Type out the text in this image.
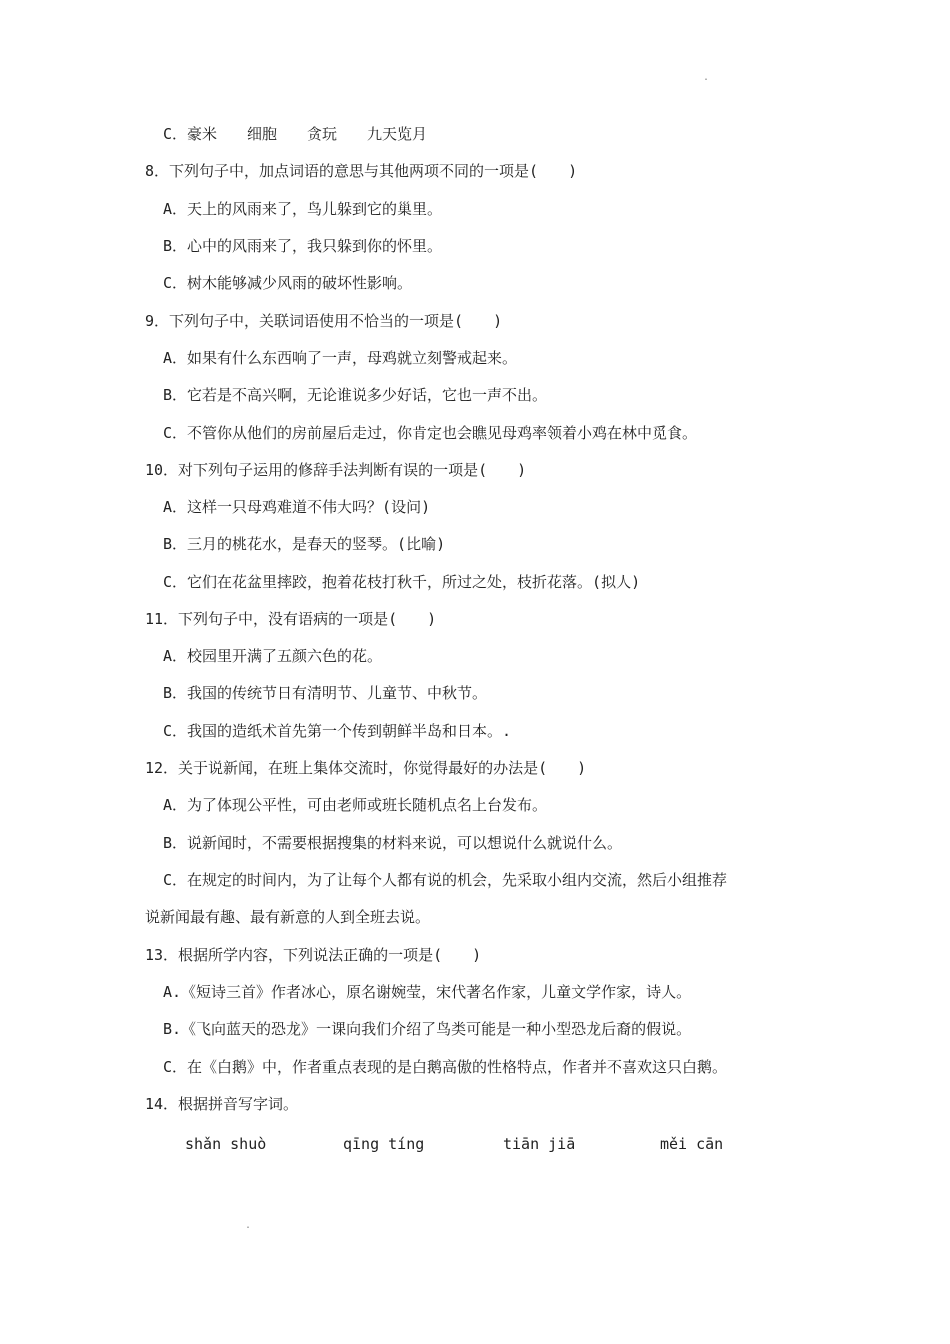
.
C．豪米　　细胞　　贪玩　　九天览月
8．下列句子中，加点词语的意思与其他两项不同的一项是(　　)
A．天上的风雨来了，鸟儿躲到它的巢里。
B．心中的风雨来了，我只躲到你的怀里。
C．树木能够减少风雨的破坏性影响。
9．下列句子中，关联词语使用不恰当的一项是(　　)
A．如果有什么东西响了一声，母鸡就立刻警戒起来。
B．它若是不高兴啊，无论谁说多少好话，它也一声不出。
C．不管你从他们的房前屋后走过，你肯定也会瞧见母鸡率领着小鸡在林中觅食。
10．对下列句子运用的修辞手法判断有误的一项是(　　)
A．这样一只母鸡难道不伟大吗？(设问)
B．三月的桃花水，是春天的竖琴。(比喻)
C．它们在花盆里摔跤，抱着花枝打秋千，所过之处，枝折花落。(拟人)
11．下列句子中，没有语病的一项是(　　)
A．校园里开满了五颜六色的花。
B．我国的传统节日有清明节、儿童节、中秋节。
C．我国的造纸术首先第一个传到朝鲜半岛和日本。.
12．关于说新闻，在班上集体交流时，你觉得最好的办法是(　　)
A．为了体现公平性，可由老师或班长随机点名上台发布。
B．说新闻时，不需要根据搜集的材料来说，可以想说什么就说什么。
C．在规定的时间内，为了让每个人都有说的机会，先采取小组内交流，然后小组推荐
说新闻最有趣、最有新意的人到全班去说。
13．根据所学内容，下列说法正确的一项是(　　)
A.《短诗三首》作者冰心，原名谢婉莹，宋代著名作家，儿童文学作家，诗人。
B.《飞向蓝天的恐龙》一课向我们介绍了鸟类可能是一种小型恐龙后裔的假说。
C．在《白鹅》中，作者重点表现的是白鹅高傲的性格特点，作者并不喜欢这只白鹅。
14．根据拼音写字词。
shǎn shuò	qīng tíng	tiān jiā	měi cān
.
